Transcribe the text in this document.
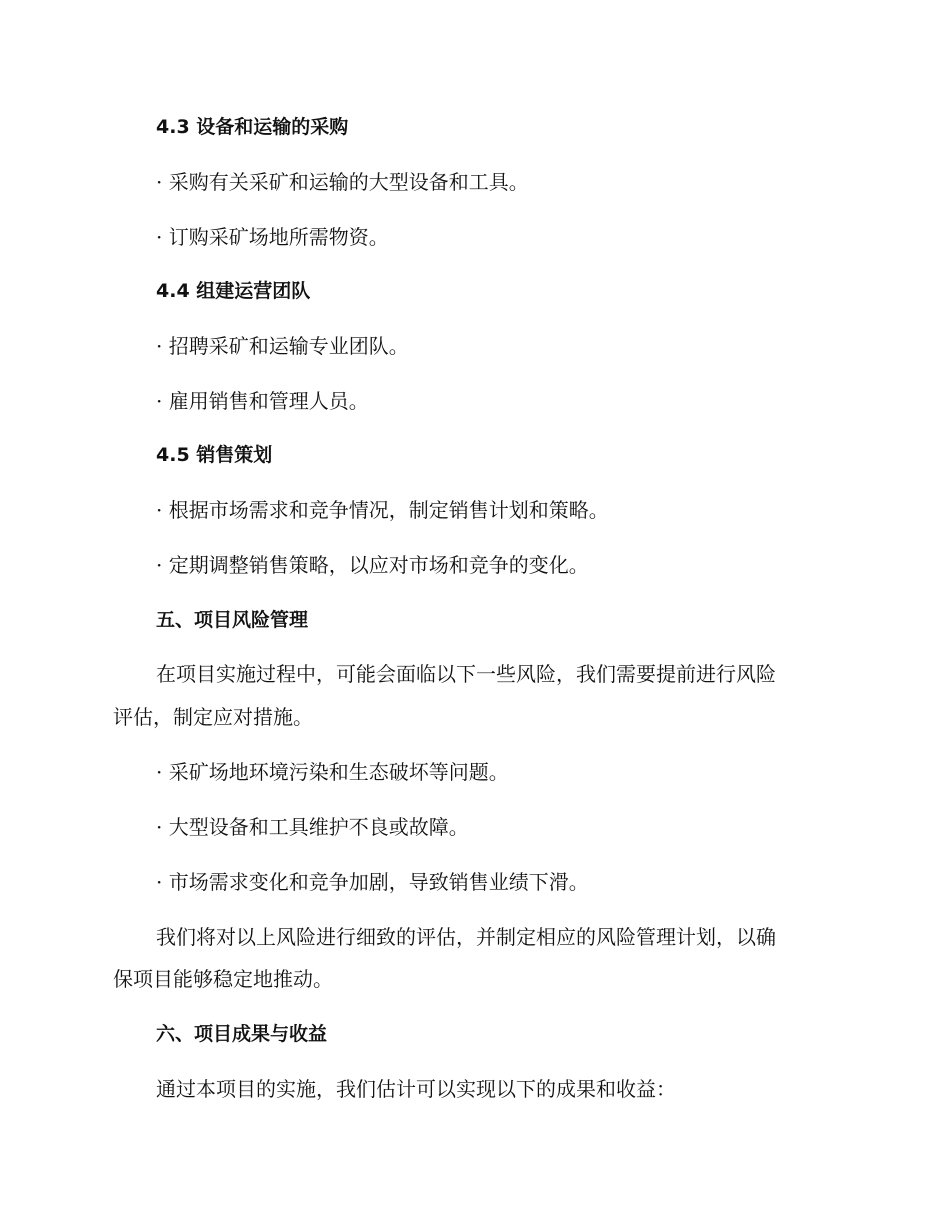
4.3 设备和运输的采购
· 采购有关采矿和运输的大型设备和工具。
· 订购采矿场地所需物资。
4.4 组建运营团队
· 招聘采矿和运输专业团队。
· 雇用销售和管理人员。
4.5 销售策划
· 根据市场需求和竞争情况，制定销售计划和策略。
· 定期调整销售策略，以应对市场和竞争的变化。
五、项目风险管理
在项目实施过程中，可能会面临以下一些风险，我们需要提前进行风险
评估，制定应对措施。
· 采矿场地环境污染和生态破坏等问题。
· 大型设备和工具维护不良或故障。
· 市场需求变化和竞争加剧，导致销售业绩下滑。
我们将对以上风险进行细致的评估，并制定相应的风险管理计划，以确
保项目能够稳定地推动。
六、项目成果与收益
通过本项目的实施，我们估计可以实现以下的成果和收益：
